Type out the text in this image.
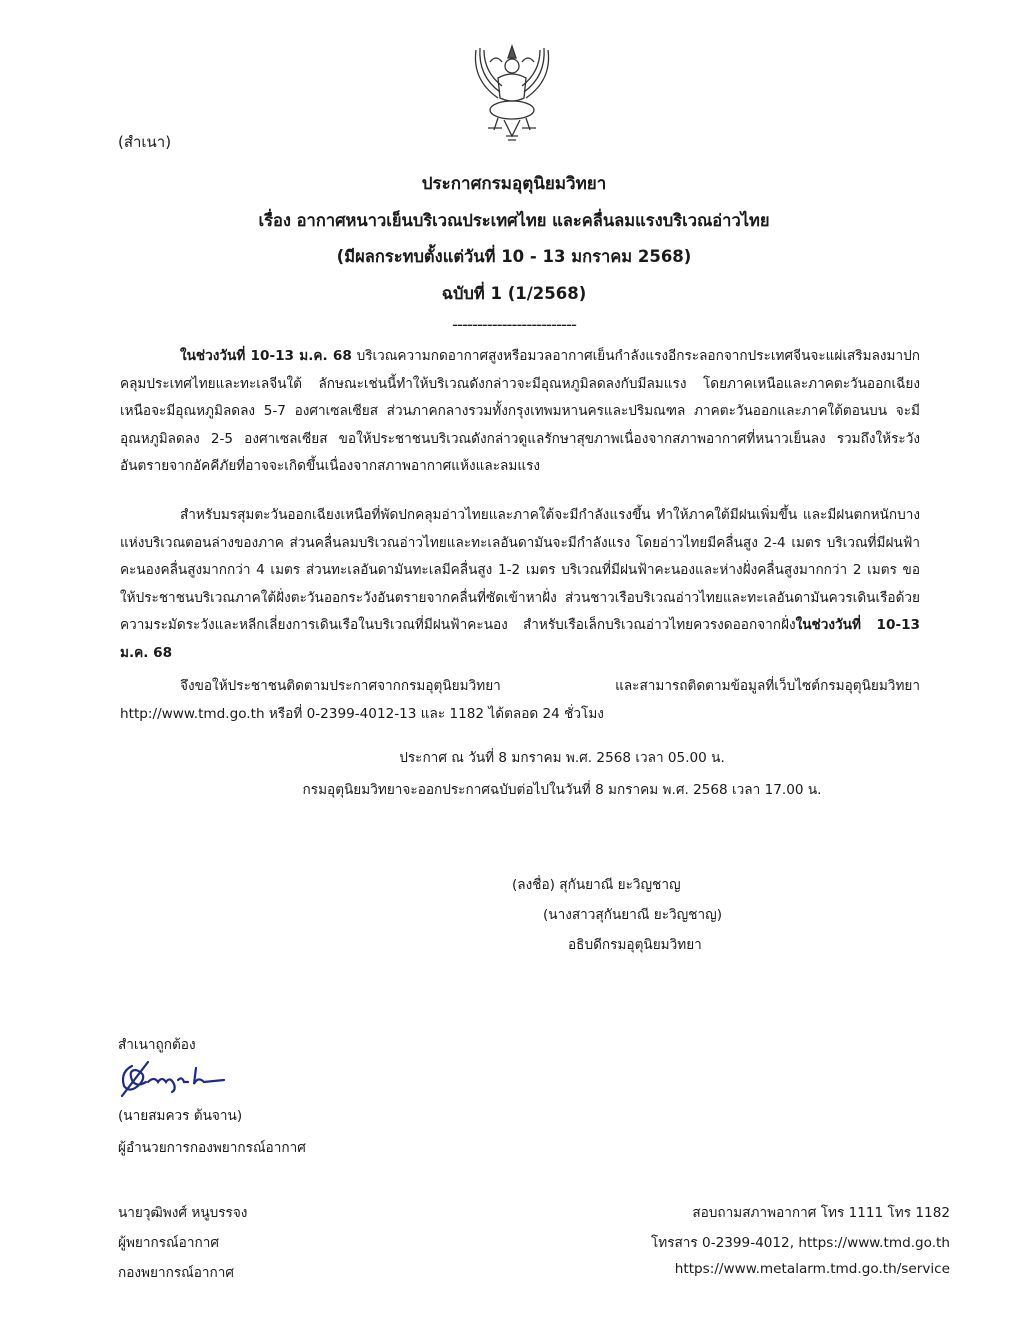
(สำเนา)
ประกาศกรมอุตุนิยมวิทยา
เรื่อง อากาศหนาวเย็นบริเวณประเทศไทย และคลื่นลมแรงบริเวณอ่าวไทย
(มีผลกระทบตั้งแต่วันที่ 10 - 13 มกราคม 2568)
ฉบับที่ 1 (1/2568)
-------------------------
ในช่วงวันที่ 10-13 ม.ค. 68 บริเวณความกดอากาศสูงหรือมวลอากาศเย็นกำลังแรงอีกระลอกจากประเทศจีนจะแผ่เสริมลงมาปกคลุมประเทศไทยและทะเลจีนใต้ ลักษณะเช่นนี้ทำให้บริเวณดังกล่าวจะมีอุณหภูมิลดลงกับมีลมแรง โดยภาคเหนือและภาคตะวันออกเฉียงเหนือจะมีอุณหภูมิลดลง 5-7 องศาเซลเซียส ส่วนภาคกลางรวมทั้งกรุงเทพมหานครและปริมณฑล ภาคตะวันออกและภาคใต้ตอนบน จะมีอุณหภูมิลดลง 2-5 องศาเซลเซียส ขอให้ประชาชนบริเวณดังกล่าวดูแลรักษาสุขภาพเนื่องจากสภาพอากาศที่หนาวเย็นลง รวมถึงให้ระวังอันตรายจากอัคคีภัยที่อาจจะเกิดขึ้นเนื่องจากสภาพอากาศแห้งและลมแรง
สำหรับมรสุมตะวันออกเฉียงเหนือที่พัดปกคลุมอ่าวไทยและภาคใต้จะมีกำลังแรงขึ้น ทำให้ภาคใต้มีฝนเพิ่มขึ้น และมีฝนตกหนักบางแห่งบริเวณตอนล่างของภาค ส่วนคลื่นลมบริเวณอ่าวไทยและทะเลอันดามันจะมีกำลังแรง โดยอ่าวไทยมีคลื่นสูง 2-4 เมตร บริเวณที่มีฝนฟ้าคะนองคลื่นสูงมากกว่า 4 เมตร ส่วนทะเลอันดามันทะเลมีคลื่นสูง 1-2 เมตร บริเวณที่มีฝนฟ้าคะนองและห่างฝั่งคลื่นสูงมากกว่า 2 เมตร ขอให้ประชาชนบริเวณภาคใต้ฝั่งตะวันออกระวังอันตรายจากคลื่นที่ซัดเข้าหาฝั่ง ส่วนชาวเรือบริเวณอ่าวไทยและทะเลอันดามันควรเดินเรือด้วยความระมัดระวังและหลีกเลี่ยงการเดินเรือในบริเวณที่มีฝนฟ้าคะนอง สำหรับเรือเล็กบริเวณอ่าวไทยควรงดออกจากฝั่งในช่วงวันที่ 10-13 ม.ค. 68
จึงขอให้ประชาชนติดตามประกาศจากกรมอุตุนิยมวิทยา และสามารถติดตามข้อมูลที่เว็บไซต์กรมอุตุนิยมวิทยา http://www.tmd.go.th หรือที่ 0-2399-4012-13 และ 1182 ได้ตลอด 24 ชั่วโมง
ประกาศ ณ วันที่ 8 มกราคม พ.ศ. 2568 เวลา 05.00 น.
กรมอุตุนิยมวิทยาจะออกประกาศฉบับต่อไปในวันที่ 8 มกราคม พ.ศ. 2568 เวลา 17.00 น.
(ลงชื่อ) สุกันยาณี ยะวิญชาญ
(นางสาวสุกันยาณี ยะวิญชาญ)
อธิบดีกรมอุตุนิยมวิทยา
สำเนาถูกต้อง
(นายสมควร ต้นจาน)
ผู้อำนวยการกองพยากรณ์อากาศ
นายวุฒิพงศ์ หนูบรรจง
ผู้พยากรณ์อากาศ
กองพยากรณ์อากาศ
สอบถามสภาพอากาศ โทร 1111 โทร 1182
โทรสาร 0-2399-4012, https://www.tmd.go.th
https://www.metalarm.tmd.go.th/service
